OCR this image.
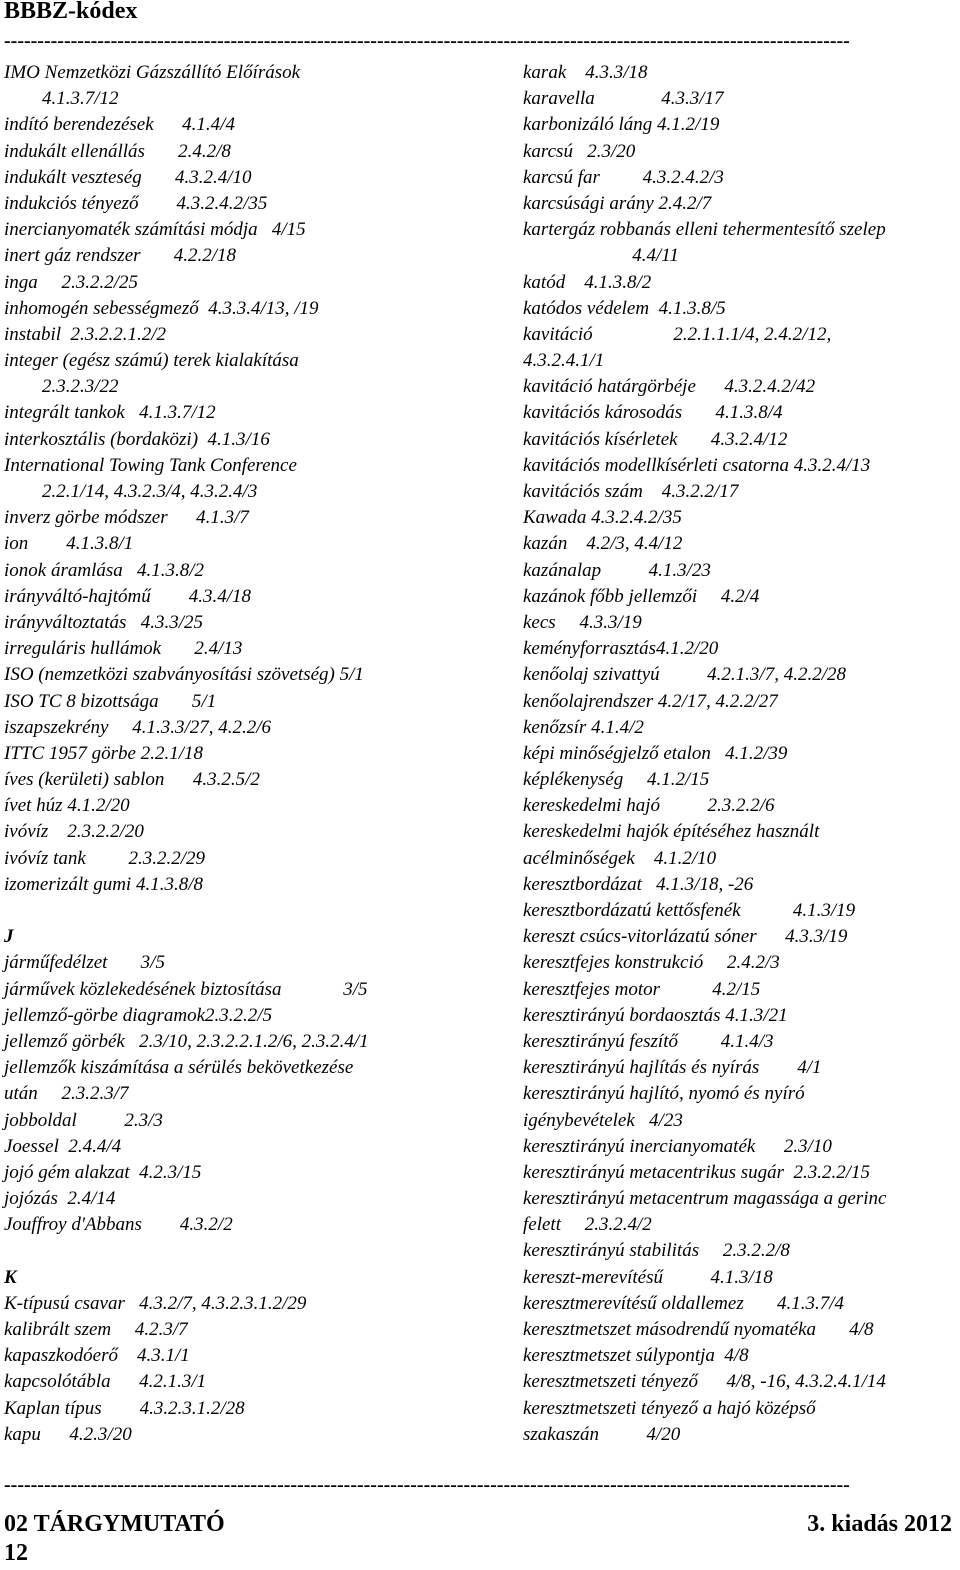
BBBZ-kódex
-------------------------------------------------------------------------------------------------------------------------------
IMO Nemzetközi Gázszállító Előírások
4.1.3.7/12
indító berendezések      4.1.4/4
indukált ellenállás       2.4.2/8
indukált veszteség       4.3.2.4/10
indukciós tényező        4.3.2.4.2/35
inercianyomaték számítási módja   4/15
inert gáz rendszer       4.2.2/18
inga     2.3.2.2/25
inhomogén sebességmező  4.3.3.4/13, /19
instabil  2.3.2.2.1.2/2
integer (egész számú) terek kialakítása
2.3.2.3/22
integrált tankok   4.1.3.7/12
interkosztális (bordaközi)  4.1.3/16
International Towing Tank Conference
2.2.1/14, 4.3.2.3/4, 4.3.2.4/3
inverz görbe módszer      4.1.3/7
ion        4.1.3.8/1
ionok áramlása   4.1.3.8/2
irányváltó-hajtómű        4.3.4/18
irányváltoztatás   4.3.3/25
irreguláris hullámok       2.4/13
ISO (nemzetközi szabványosítási szövetség) 5/1
ISO TC 8 bizottsága       5/1
iszapszekrény     4.1.3.3/27, 4.2.2/6
ITTC 1957 görbe 2.2.1/18
íves (kerületi) sablon      4.3.2.5/2
ívet húz 4.1.2/20
ivóvíz    2.3.2.2/20
ivóvíz tank         2.3.2.2/29
izomerizált gumi 4.1.3.8/8
J
járműfedélzet       3/5
járművek közlekedésének biztosítása             3/5
jellemző-görbe diagramok2.3.2.2/5
jellemző görbék   2.3/10, 2.3.2.2.1.2/6, 2.3.2.4/1
jellemzők kiszámítása a sérülés bekövetkezése
után     2.3.2.3/7
jobboldal          2.3/3
Joessel  2.4.4/4
jojó gém alakzat  4.2.3/15
jojózás  2.4/14
Jouffroy d'Abbans        4.3.2/2
K
K-típusú csavar   4.3.2/7, 4.3.2.3.1.2/29
kalibrált szem     4.2.3/7
kapaszkodóerő    4.3.1/1
kapcsolótábla      4.2.1.3/1
Kaplan típus        4.3.2.3.1.2/28
kapu      4.2.3/20
karak    4.3.3/18
karavella              4.3.3/17
karbonizáló láng 4.1.2/19
karcsú   2.3/20
karcsú far         4.3.2.4.2/3
karcsúsági arány 2.4.2/7
kartergáz robbanás elleni tehermentesítő szelep
4.4/11
katód    4.1.3.8/2
katódos védelem  4.1.3.8/5
kavitáció                 2.2.1.1.1/4, 2.4.2/12,
4.3.2.4.1/1
kavitáció határgörbéje      4.3.2.4.2/42
kavitációs károsodás       4.1.3.8/4
kavitációs kísérletek       4.3.2.4/12
kavitációs modellkísérleti csatorna 4.3.2.4/13
kavitációs szám    4.3.2.2/17
Kawada 4.3.2.4.2/35
kazán    4.2/3, 4.4/12
kazánalap          4.1.3/23
kazánok főbb jellemzői     4.2/4
kecs     4.3.3/19
keményforrasztás4.1.2/20
kenőolaj szivattyú          4.2.1.3/7, 4.2.2/28
kenőolajrendszer 4.2/17, 4.2.2/27
kenőzsír 4.1.4/2
képi minőségjelző etalon   4.1.2/39
képlékenység     4.1.2/15
kereskedelmi hajó          2.3.2.2/6
kereskedelmi hajók építéséhez használt
acélminőségek    4.1.2/10
keresztbordázat   4.1.3/18, -26
keresztbordázatú kettősfenék           4.1.3/19
kereszt csúcs-vitorlázatú sóner      4.3.3/19
keresztfejes konstrukció     2.4.2/3
keresztfejes motor           4.2/15
keresztirányú bordaosztás 4.1.3/21
keresztirányú feszítő         4.1.4/3
keresztirányú hajlítás és nyírás        4/1
keresztirányú hajlító, nyomó és nyíró
igénybevételek   4/23
keresztirányú inercianyomaték      2.3/10
keresztirányú metacentrikus sugár  2.3.2.2/15
keresztirányú metacentrum magassága a gerinc
felett     2.3.2.4/2
keresztirányú stabilitás     2.3.2.2/8
kereszt-merevítésű          4.1.3/18
keresztmerevítésű oldallemez       4.1.3.7/4
keresztmetszet másodrendű nyomatéka       4/8
keresztmetszet súlypontja  4/8
keresztmetszeti tényező      4/8, -16, 4.3.2.4.1/14
keresztmetszeti tényező a hajó középső
szakaszán          4/20
-------------------------------------------------------------------------------------------------------------------------------
02 TÁRGYMUTATÓ	3. kiadás 2012
12
